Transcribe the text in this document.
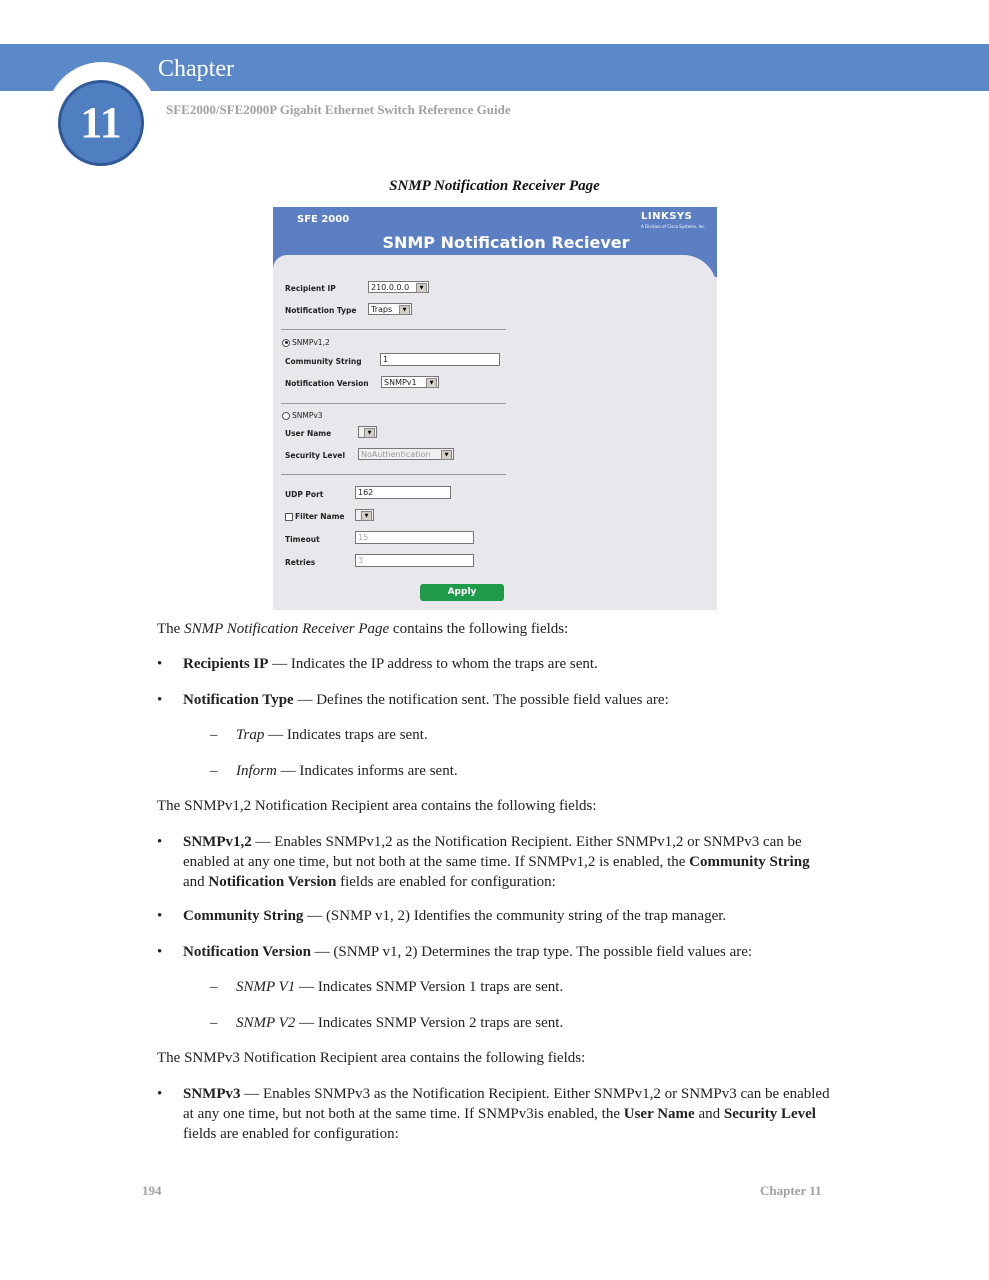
Chapter
11	SFE2000/SFE2000P Gigabit Ethernet Switch Reference Guide
SNMP Notification Receiver Page
SFE 2000	LINKSYS
A Division of Cisco Systems, Inc.
SNMP Notification Reciever
Recipient IP	210.0.0.0	▼
Notification Type	Traps	▼
SNMPv1,2
Community String	1
Notification Version	SNMPv1	▼
SNMPv3
User Name	▼
Security Level	NoAuthentication	▼
UDP Port	162
Filter Name	▼
Timeout	15
Retries	3
Apply
The SNMP Notification Receiver Page contains the following fields:
• Recipients IP — Indicates the IP address to whom the traps are sent.
• Notification Type — Defines the notification sent. The possible field values are:
– Trap — Indicates traps are sent.
– Inform — Indicates informs are sent.
The SNMPv1,2 Notification Recipient area contains the following fields:
• SNMPv1,2 — Enables SNMPv1,2 as the Notification Recipient. Either SNMPv1,2 or SNMPv3 can be enabled at any one time, but not both at the same time. If SNMPv1,2 is enabled, the Community String and Notification Version fields are enabled for configuration:
• Community String — (SNMP v1, 2) Identifies the community string of the trap manager.
• Notification Version — (SNMP v1, 2) Determines the trap type. The possible field values are:
– SNMP V1 — Indicates SNMP Version 1 traps are sent.
– SNMP V2 — Indicates SNMP Version 2 traps are sent.
The SNMPv3 Notification Recipient area contains the following fields:
• SNMPv3 — Enables SNMPv3 as the Notification Recipient. Either SNMPv1,2 or SNMPv3 can be enabled at any one time, but not both at the same time. If SNMPv3is enabled, the User Name and Security Level fields are enabled for configuration:
194	Chapter 11
